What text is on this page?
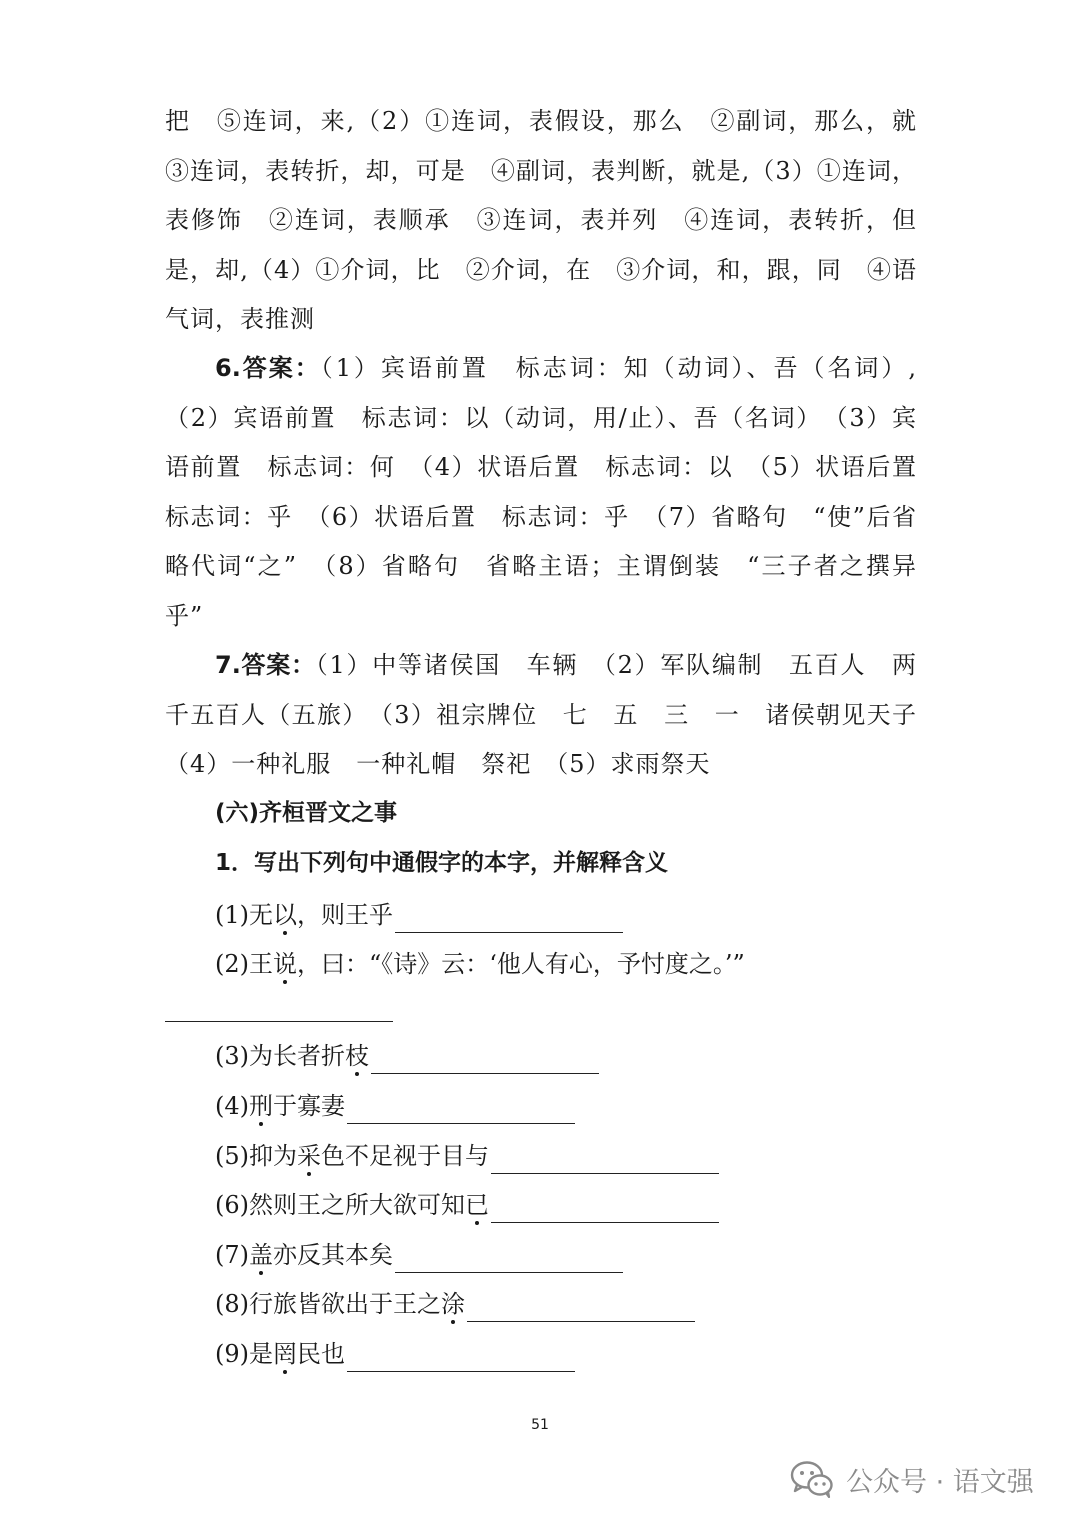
把　⑤连词，来,（2）①连词，表假设，那么　②副词，那么，就　③连词，表转折，却，可是　④副词，表判断，就是,（3）①连词，表修饰　②连词，表顺承　③连词，表并列　④连词，表转折，但是，却,（4）①介词，比　②介词，在　③介词，和，跟，同　④语气词，表推测

6.答案：（1）宾语前置　标志词：知（动词）、吾（名词）,（2）宾语前置　标志词：以（动词，用/止）、吾（名词）　（3）宾语前置　标志词：何　（4）状语后置　标志词：以　（5）状语后置　标志词：乎　（6）状语后置　标志词：乎　（7）省略句　“使”后省略代词“之”　（8）省略句　省略主语；主谓倒装　“三子者之撰异乎”

7.答案：（1）中等诸侯国　车辆　（2）军队编制　五百人　两千五百人（五旅）　（3）祖宗牌位　七　五　三　一　诸侯朝见天子　（4）一种礼服　一种礼帽　祭祀　（5）求雨祭天

(六)齐桓晋文之事
1．写出下列句中通假字的本字，并解释含义
(1)无以，则王乎
(2)王说，曰：“《诗》云：‘他人有心，予忖度之。’”
(3)为长者折枝
(4)刑于寡妻
(5)抑为采色不足视于目与
(6)然则王之所大欲可知已
(7)盖亦反其本矣
(8)行旅皆欲出于王之涂
(9)是罔民也
51
公众号 · 语文强
